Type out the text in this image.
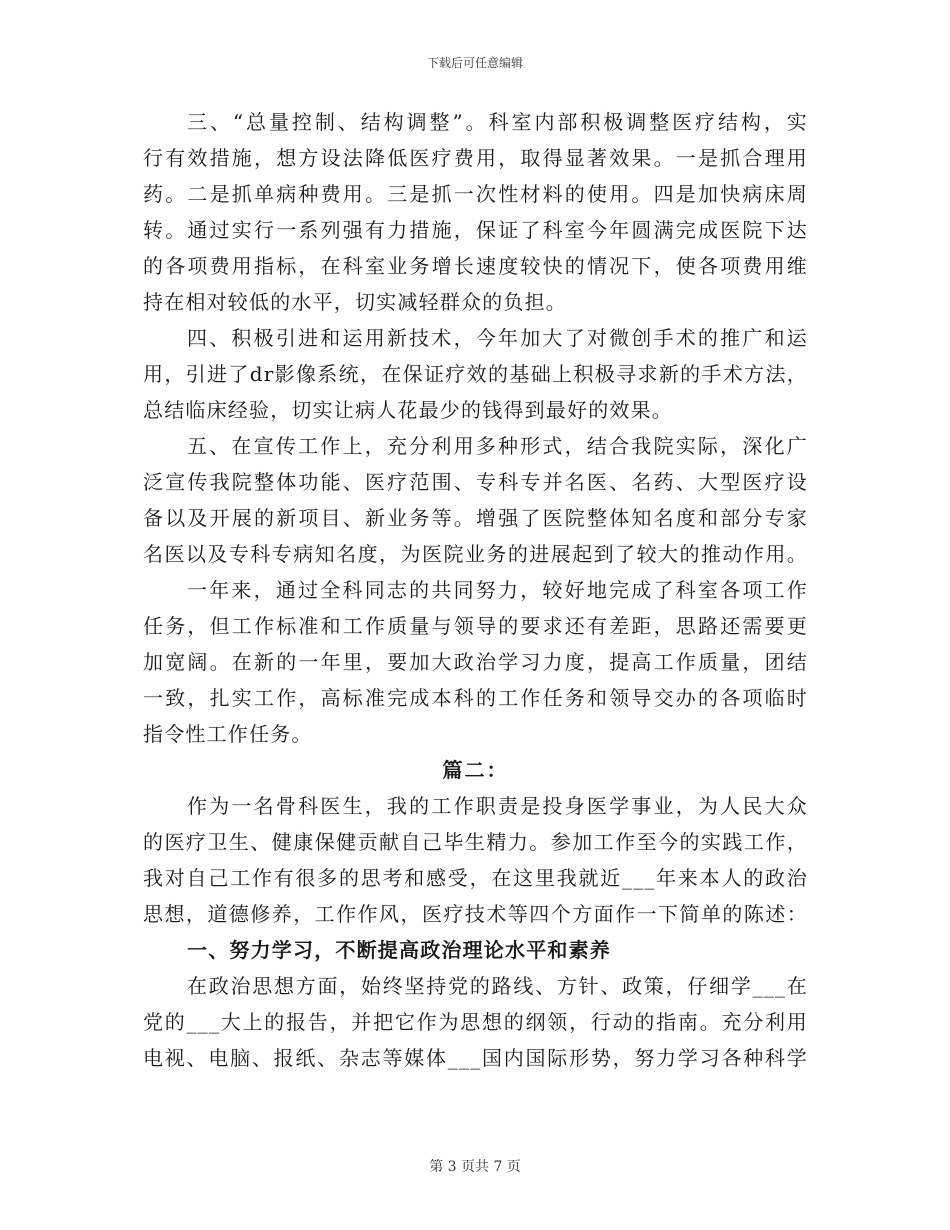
下载后可任意编辑
三、“总量控制、结构调整”。科室内部积极调整医疗结构，实
行有效措施，想方设法降低医疗费用，取得显著效果。一是抓合理用
药。二是抓单病种费用。三是抓一次性材料的使用。四是加快病床周
转。通过实行一系列强有力措施，保证了科室今年圆满完成医院下达
的各项费用指标，在科室业务增长速度较快的情况下，使各项费用维
持在相对较低的水平，切实减轻群众的负担。
四、积极引进和运用新技术，今年加大了对微创手术的推广和运
用，引进了dr影像系统，在保证疗效的基础上积极寻求新的手术方法，
总结临床经验，切实让病人花最少的钱得到最好的效果。
五、在宣传工作上，充分利用多种形式，结合我院实际，深化广
泛宣传我院整体功能、医疗范围、专科专并名医、名药、大型医疗设
备以及开展的新项目、新业务等。增强了医院整体知名度和部分专家
名医以及专科专病知名度，为医院业务的进展起到了较大的推动作用。
一年来，通过全科同志的共同努力，较好地完成了科室各项工作
任务，但工作标准和工作质量与领导的要求还有差距，思路还需要更
加宽阔。在新的一年里，要加大政治学习力度，提高工作质量，团结
一致，扎实工作，高标准完成本科的工作任务和领导交办的各项临时
指令性工作任务。
篇二：
作为一名骨科医生，我的工作职责是投身医学事业，为人民大众
的医疗卫生、健康保健贡献自己毕生精力。参加工作至今的实践工作，
我对自己工作有很多的思考和感受，在这里我就近___年来本人的政治
思想，道德修养，工作作风，医疗技术等四个方面作一下简单的陈述：
一、努力学习，不断提高政治理论水平和素养
在政治思想方面，始终坚持党的路线、方针、政策，仔细学___在
党的___大上的报告，并把它作为思想的纲领，行动的指南。充分利用
电视、电脑、报纸、杂志等媒体___国内国际形势，努力学习各种科学
第 3 页共 7 页
